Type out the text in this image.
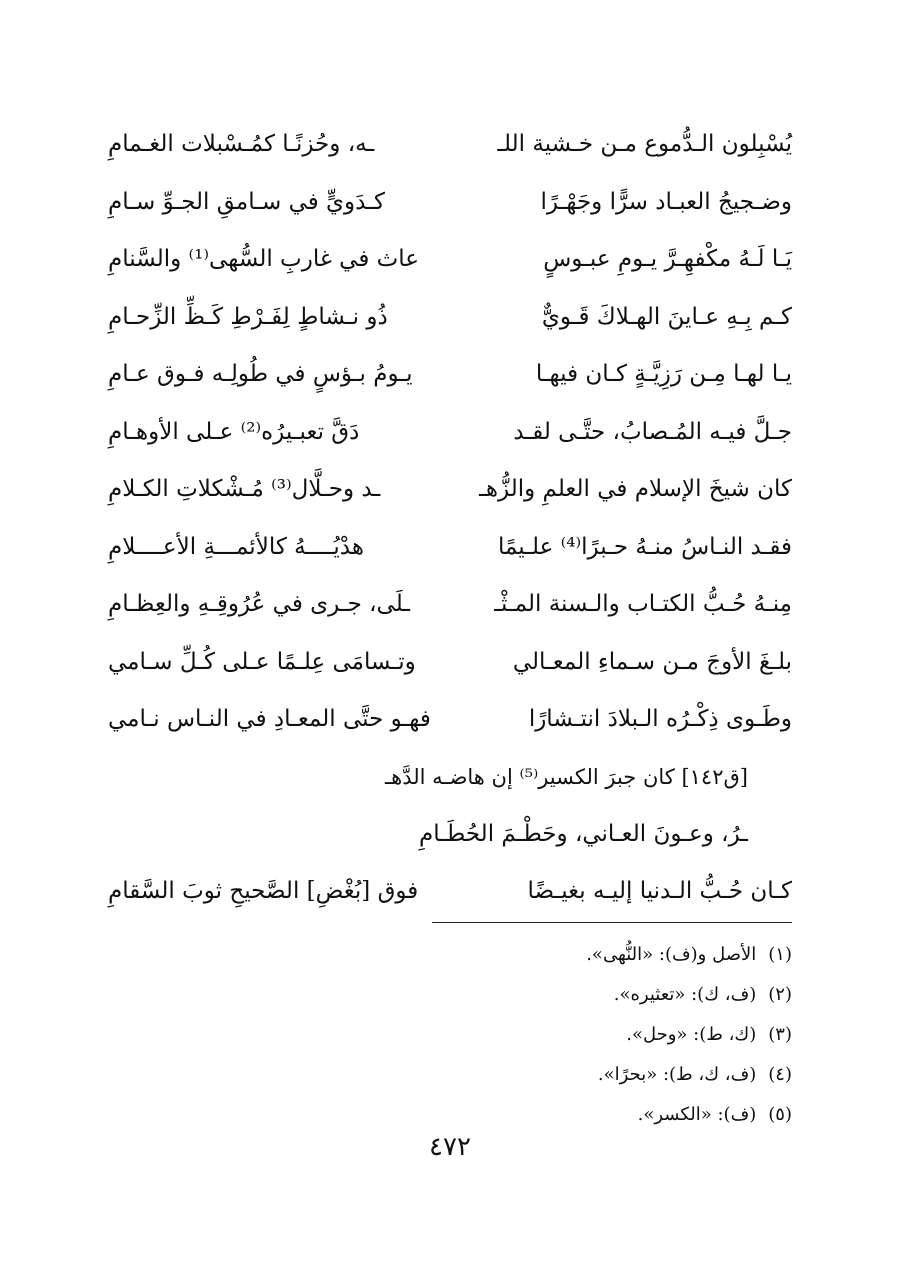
يُسْبِلون الـدُّموع مـن خـشية اللـ
ـه، وحُزنًـا كمُـسْبلات الغـمامِ
وضـجيجُ العبـاد سرًّا وجَهْـرًا
كـدَويٍّ في سـامقِ الجـوِّ سـامِ
يَـا لَـهُ مكْفهِـرَّ يـومِ عبـوسٍ
عاث في غاربِ السُّهى⁽¹⁾ والسَّنامِ
كـم بِـهِ عـاينَ الهـلاكَ قَـويٌّ
ذُو نـشاطٍ لِفَـرْطِ كَـظِّ الزِّحـامِ
يـا لهـا مِـن رَزِيَّـةٍ كـان فيهـا
يـومُ بـؤسٍ في طُولِـه فـوق عـامِ
جـلَّ فيـه المُـصابُ، حتَّـى لقـد
دَقَّ تعبـيرُه⁽²⁾ عـلى الأوهـامِ
كان شيخَ الإسلام في العلمِ والزُّهـ
ـد وحـلَّال⁽³⁾ مُـشْكلاتِ الكـلامِ
فقـد النـاسُ منـهُ حـبرًا⁽⁴⁾ علـيمًا
هدْيُــــهُ كالأئمـــةِ الأعــــلامِ
مِنـهُ حُـبُّ الكتـاب والـسنة المـثْـ
ـلَى، جـرى في عُرُوقِـهِ والعِظـامِ
بلـغَ الأوجَ مـن سـماءِ المعـالي
وتـسامَى عِلـمًا عـلى كُـلِّ سـامي
وطَـوى ذِكْـرُه الـبلادَ انتـشارًا
فهـو حتَّى المعـادِ في النـاس نـامي
[ق١٤٢] كان جبرَ الكسير⁽⁵⁾ إن هاضـه الدَّهـ
ـرُ، وعـونَ العـاني، وحَطْـمَ الحُطَـامِ
كـان حُـبُّ الـدنيا إليـه بغيـضًا
فوق [بُغْضِ] الصَّحيحِ ثوبَ السَّقامِ
(١)الأصل و(ف): «النُّهى».
(٢)(ف، ك): «تعثيره».
(٣)(ك، ط): «وحل».
(٤)(ف، ك، ط): «بحرًا».
(٥)(ف): «الكسر».
٤٧٢
